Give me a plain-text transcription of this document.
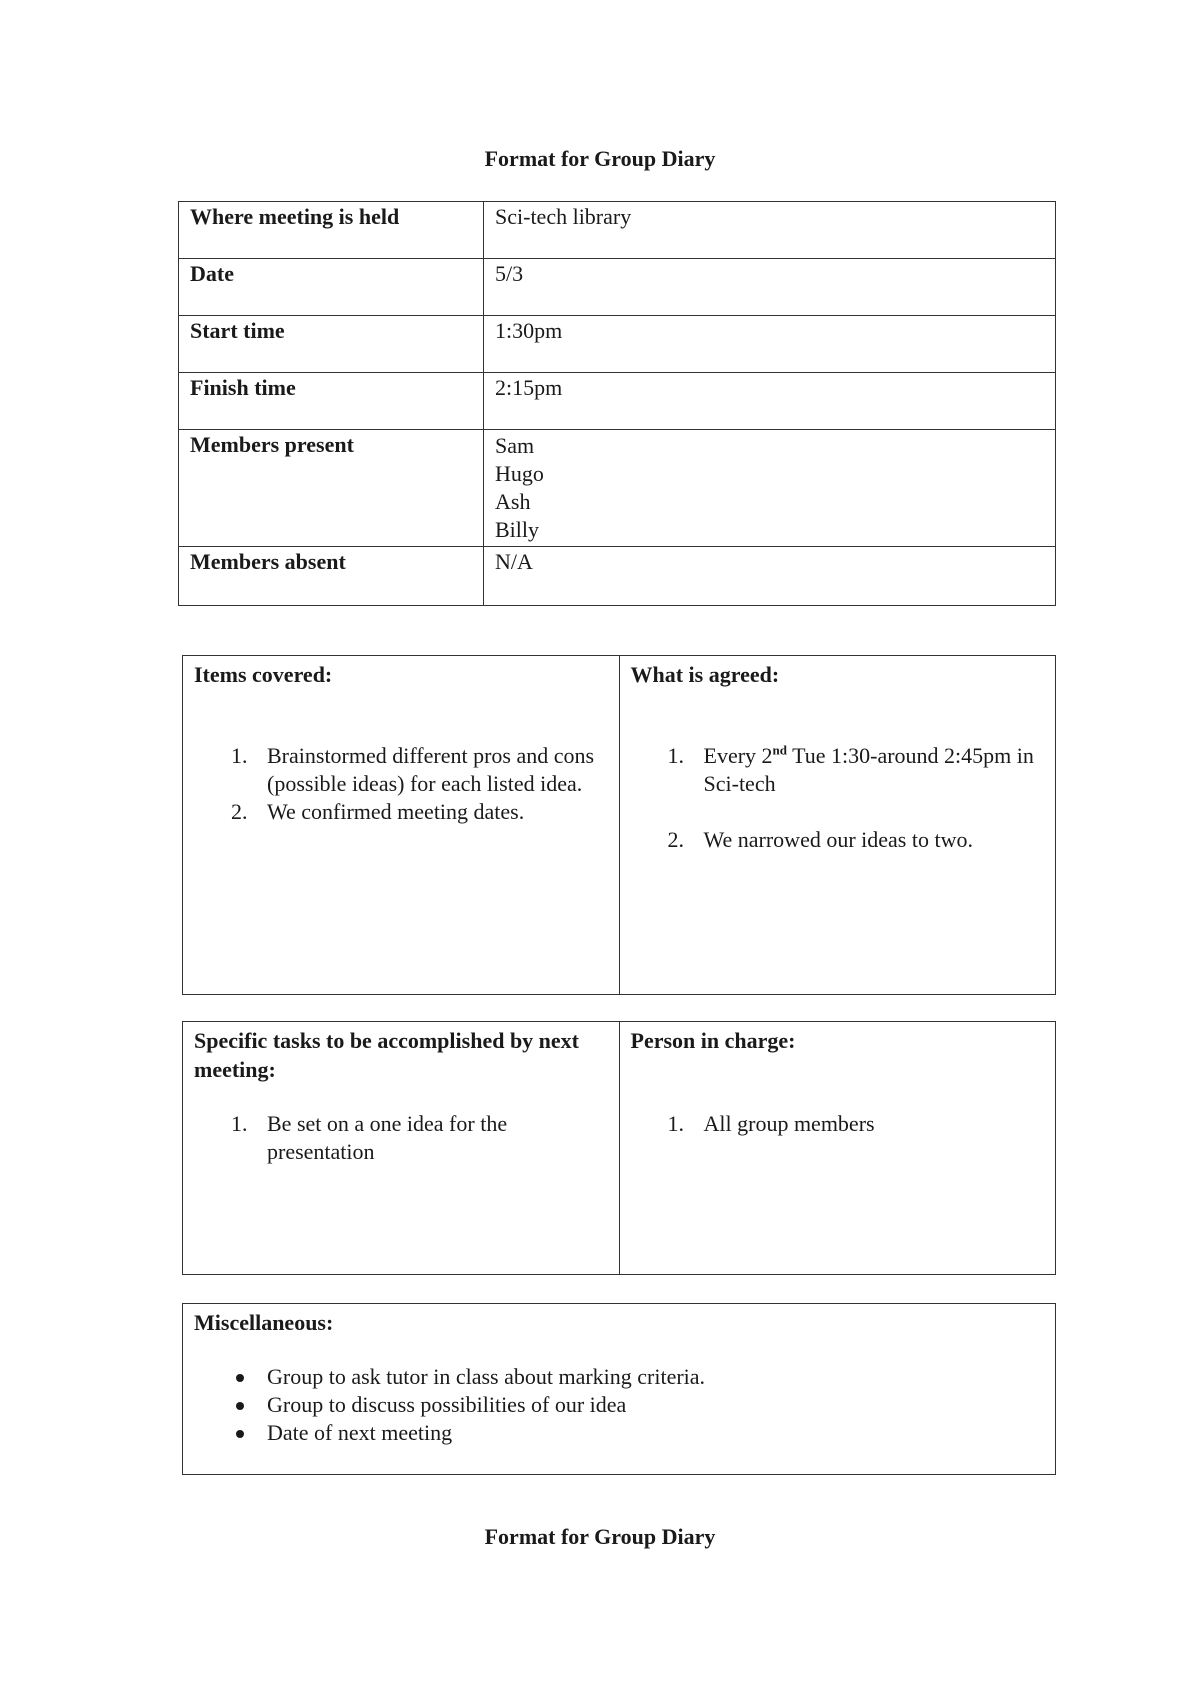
Format for Group Diary
Where meeting is held	Sci-tech library
Date	5/3
Start time	1:30pm
Finish time	2:15pm
Members present	Sam
Hugo
Ash
Billy

Members absent	N/A
Items covered:
1. Brainstormed different pros and cons (possible ideas) for each listed idea.
2. We confirmed meeting dates.

What is agreed:
1. Every 2nd Tue 1:30-around 2:45pm in Sci-tech
2. We narrowed our ideas to two.
Specific tasks to be accomplished by next meeting:
1. Be set on a one idea for the presentation

Person in charge:
1. All group members
Miscellaneous:
Group to ask tutor in class about marking criteria.
Group to discuss possibilities of our idea
Date of next meeting
Format for Group Diary
